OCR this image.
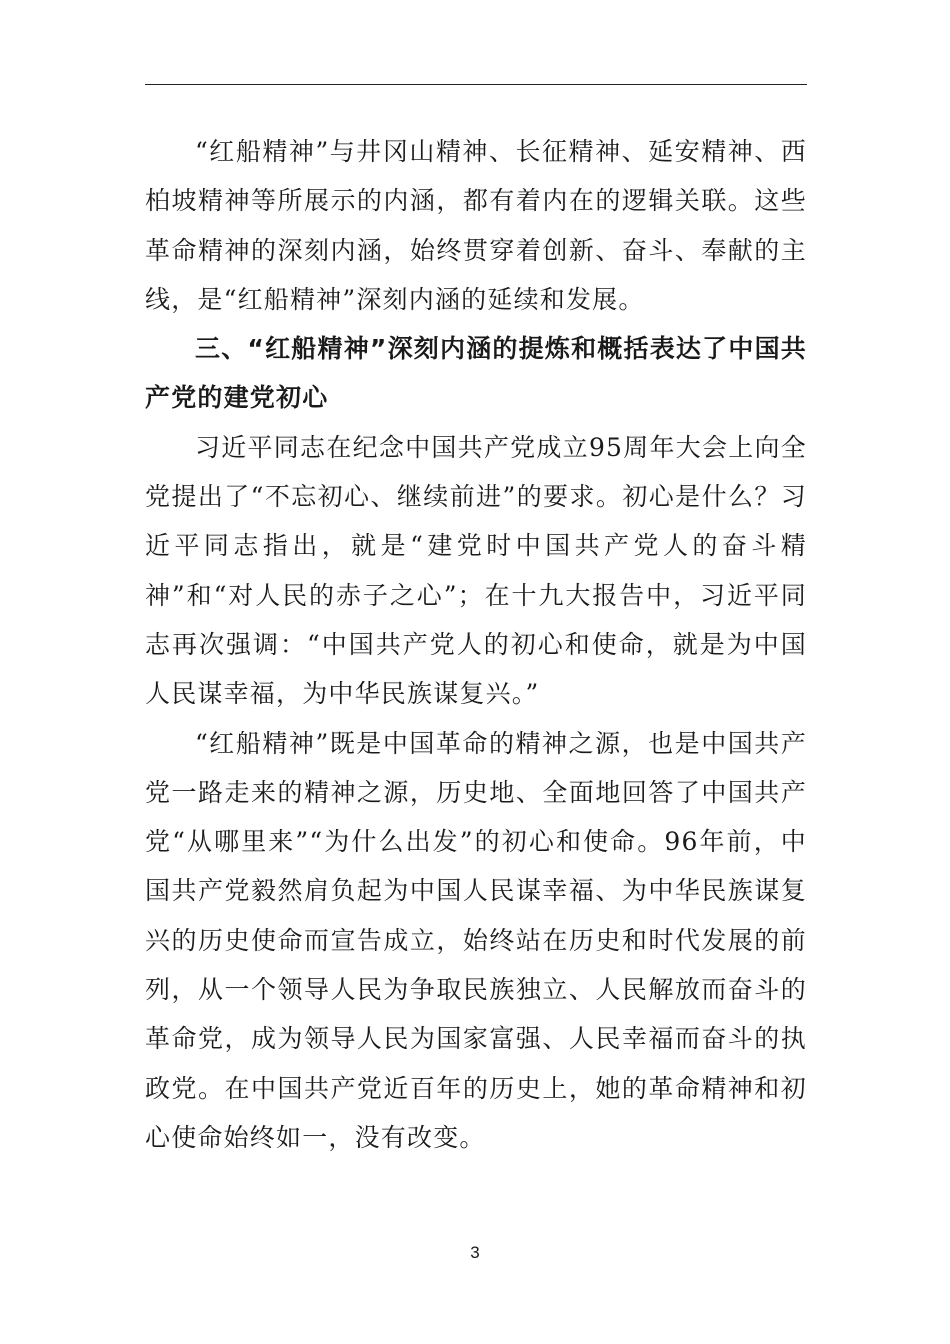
“红船精神”与井冈山精神、长征精神、延安精神、西柏坡精神等所展示的内涵，都有着内在的逻辑关联。这些革命精神的深刻内涵，始终贯穿着创新、奋斗、奉献的主线，是“红船精神”深刻内涵的延续和发展。

三、“红船精神”深刻内涵的提炼和概括表达了中国共产党的建党初心

习近平同志在纪念中国共产党成立95周年大会上向全党提出了“不忘初心、继续前进”的要求。初心是什么？习近平同志指出，就是“建党时中国共产党人的奋斗精神”和“对人民的赤子之心”；在十九大报告中，习近平同志再次强调：“中国共产党人的初心和使命，就是为中国人民谋幸福，为中华民族谋复兴。”

“红船精神”既是中国革命的精神之源，也是中国共产党一路走来的精神之源，历史地、全面地回答了中国共产党“从哪里来”“为什么出发”的初心和使命。96年前，中国共产党毅然肩负起为中国人民谋幸福、为中华民族谋复兴的历史使命而宣告成立，始终站在历史和时代发展的前列，从一个领导人民为争取民族独立、人民解放而奋斗的革命党，成为领导人民为国家富强、人民幸福而奋斗的执政党。在中国共产党近百年的历史上，她的革命精神和初心使命始终如一，没有改变。

3
